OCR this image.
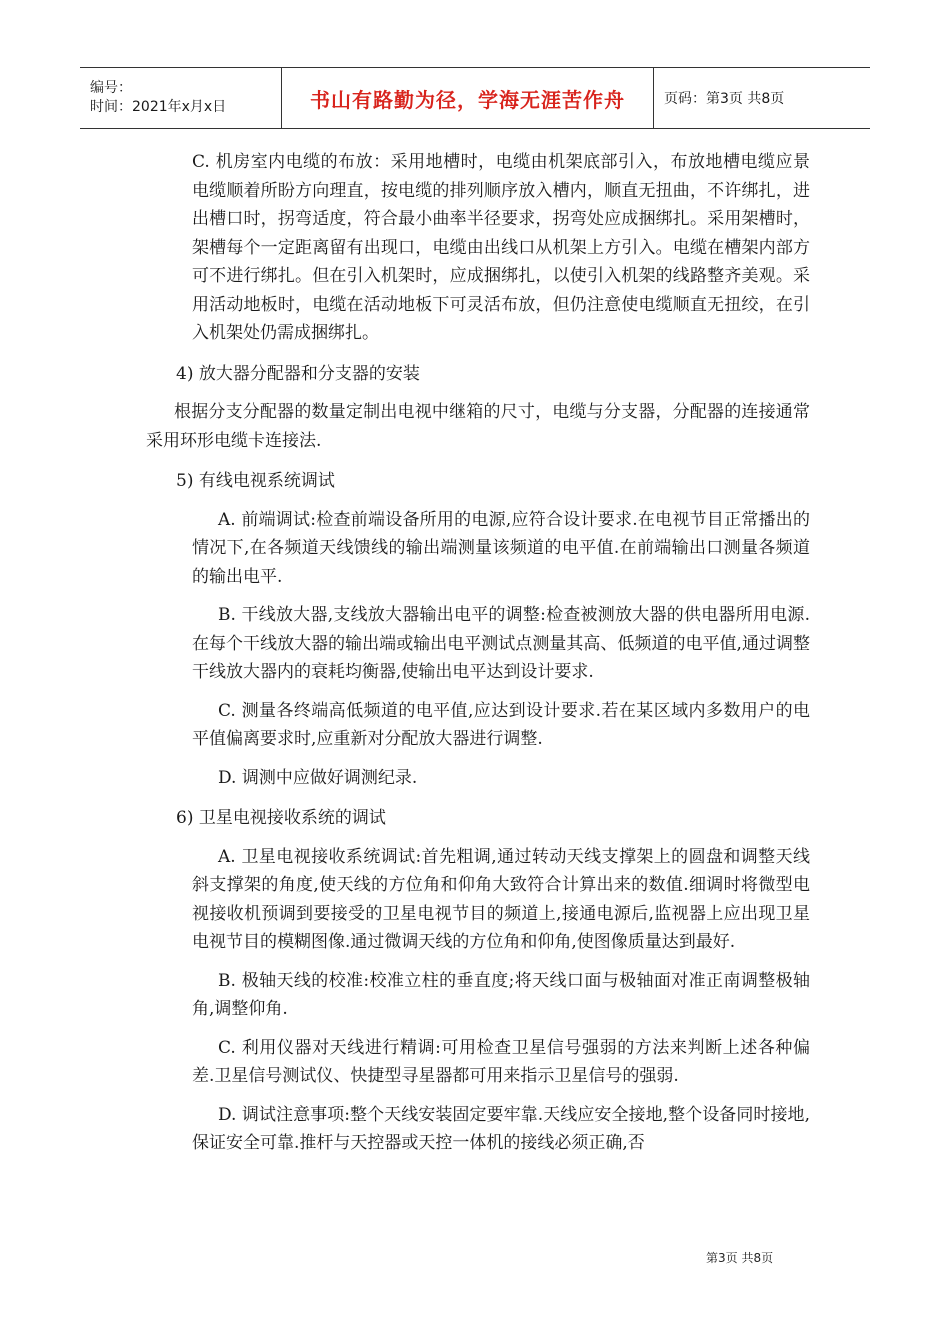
编号：
时间：2021年x月x日	书山有路勤为径，学海无涯苦作舟	页码：第3页 共8页

C. 机房室内电缆的布放：采用地槽时，电缆由机架底部引入，布放地槽电缆应景电缆顺着所盼方向理直，按电缆的排列顺序放入槽内，顺直无扭曲，不许绑扎，进出槽口时，拐弯适度，符合最小曲率半径要求，拐弯处应成捆绑扎。采用架槽时，架槽每个一定距离留有出现口，电缆由出线口从机架上方引入。电缆在槽架内部方可不进行绑扎。但在引入机架时，应成捆绑扎，以使引入机架的线路整齐美观。采用活动地板时，电缆在活动地板下可灵活布放，但仍注意使电缆顺直无扭绞，在引入机架处仍需成捆绑扎。

4) 放大器分配器和分支器的安装

根据分支分配器的数量定制出电视中继箱的尺寸，电缆与分支器，分配器的连接通常采用环形电缆卡连接法.

5) 有线电视系统调试

A. 前端调试:检查前端设备所用的电源,应符合设计要求.在电视节目正常播出的情况下,在各频道天线馈线的输出端测量该频道的电平值.在前端输出口测量各频道的输出电平.

B. 干线放大器,支线放大器输出电平的调整:检查被测放大器的供电器所用电源.在每个干线放大器的输出端或输出电平测试点测量其高、低频道的电平值,通过调整干线放大器内的衰耗均衡器,使输出电平达到设计要求.

C. 测量各终端高低频道的电平值,应达到设计要求.若在某区域内多数用户的电平值偏离要求时,应重新对分配放大器进行调整.

D. 调测中应做好调测纪录.

6) 卫星电视接收系统的调试

A. 卫星电视接收系统调试:首先粗调,通过转动天线支撑架上的圆盘和调整天线斜支撑架的角度,使天线的方位角和仰角大致符合计算出来的数值.细调时将微型电视接收机预调到要接受的卫星电视节目的频道上,接通电源后,监视器上应出现卫星电视节目的模糊图像.通过微调天线的方位角和仰角,使图像质量达到最好.

B. 极轴天线的校准:校准立柱的垂直度;将天线口面与极轴面对准正南调整极轴角,调整仰角.

C. 利用仪器对天线进行精调:可用检查卫星信号强弱的方法来判断上述各种偏差.卫星信号测试仪、快捷型寻星器都可用来指示卫星信号的强弱.

D. 调试注意事项:整个天线安装固定要牢靠.天线应安全接地,整个设备同时接地,保证安全可靠.推杆与天控器或天控一体机的接线必须正确,否

第3页 共8页
